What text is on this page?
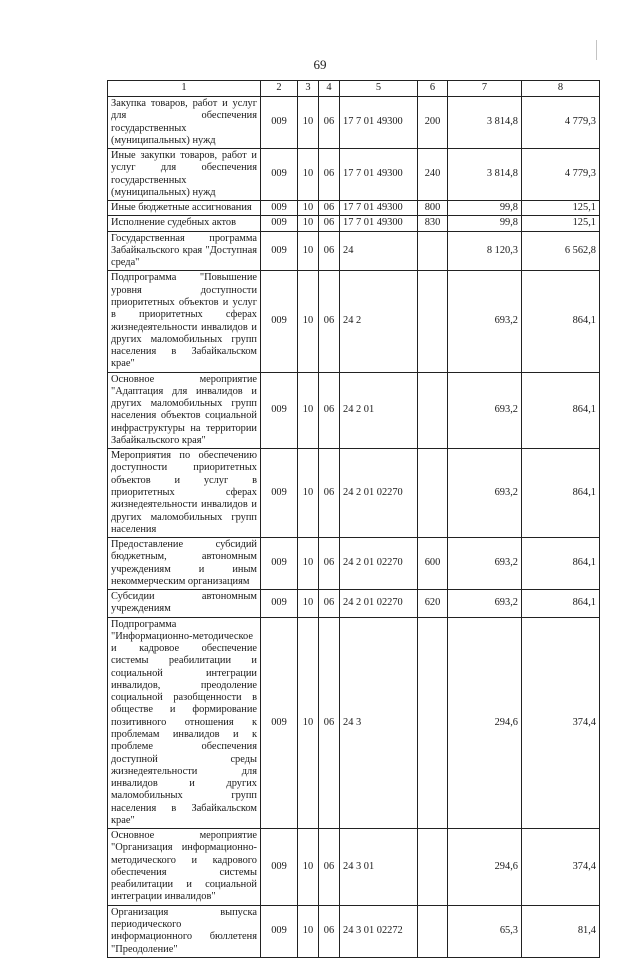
69
1	2	3	4	5	6	7	8
Закупка товаров, работ и услуг для обеспечения государственных (муниципальных) нужд	009	10	06	17 7 01 49300	200	3 814,8	4 779,3
Иные закупки товаров, работ и услуг для обеспечения государственных (муниципальных) нужд	009	10	06	17 7 01 49300	240	3 814,8	4 779,3
Иные бюджетные ассигнования	009	10	06	17 7 01 49300	800	99,8	125,1
Исполнение судебных актов	009	10	06	17 7 01 49300	830	99,8	125,1
Государственная программа Забайкальского края "Доступная среда"	009	10	06	24		8 120,3	6 562,8
Подпрограмма "Повышение уровня доступности приоритетных объектов и услуг в приоритетных сферах жизнедеятельности инвалидов и других маломобильных групп населения в Забайкальском крае"	009	10	06	24 2		693,2	864,1
Основное мероприятие "Адаптация для инвалидов и других маломобильных групп населения объектов социальной инфраструктуры на территории Забайкальского края"	009	10	06	24 2 01		693,2	864,1
Мероприятия по обеспечению доступности приоритетных объектов и услуг в приоритетных сферах жизнедеятельности инвалидов и других маломобильных групп населения	009	10	06	24 2 01 02270		693,2	864,1
Предоставление субсидий бюджетным, автономным учреждениям и иным некоммерческим организациям	009	10	06	24 2 01 02270	600	693,2	864,1
Субсидии автономным учреждениям	009	10	06	24 2 01 02270	620	693,2	864,1
Подпрограмма "Информационно-методическое и кадровое обеспечение системы реабилитации и социальной интеграции инвалидов, преодоление социальной разобщенности в обществе и формирование позитивного отношения к проблемам инвалидов и к проблеме обеспечения доступной среды жизнедеятельности для инвалидов и других маломобильных групп населения в Забайкальском крае"	009	10	06	24 3		294,6	374,4
Основное мероприятие "Организация информационно-методического и кадрового обеспечения системы реабилитации и социальной интеграции инвалидов"	009	10	06	24 3 01		294,6	374,4
Организация выпуска периодического информационного бюллетеня "Преодоление"	009	10	06	24 3 01 02272		65,3	81,4
